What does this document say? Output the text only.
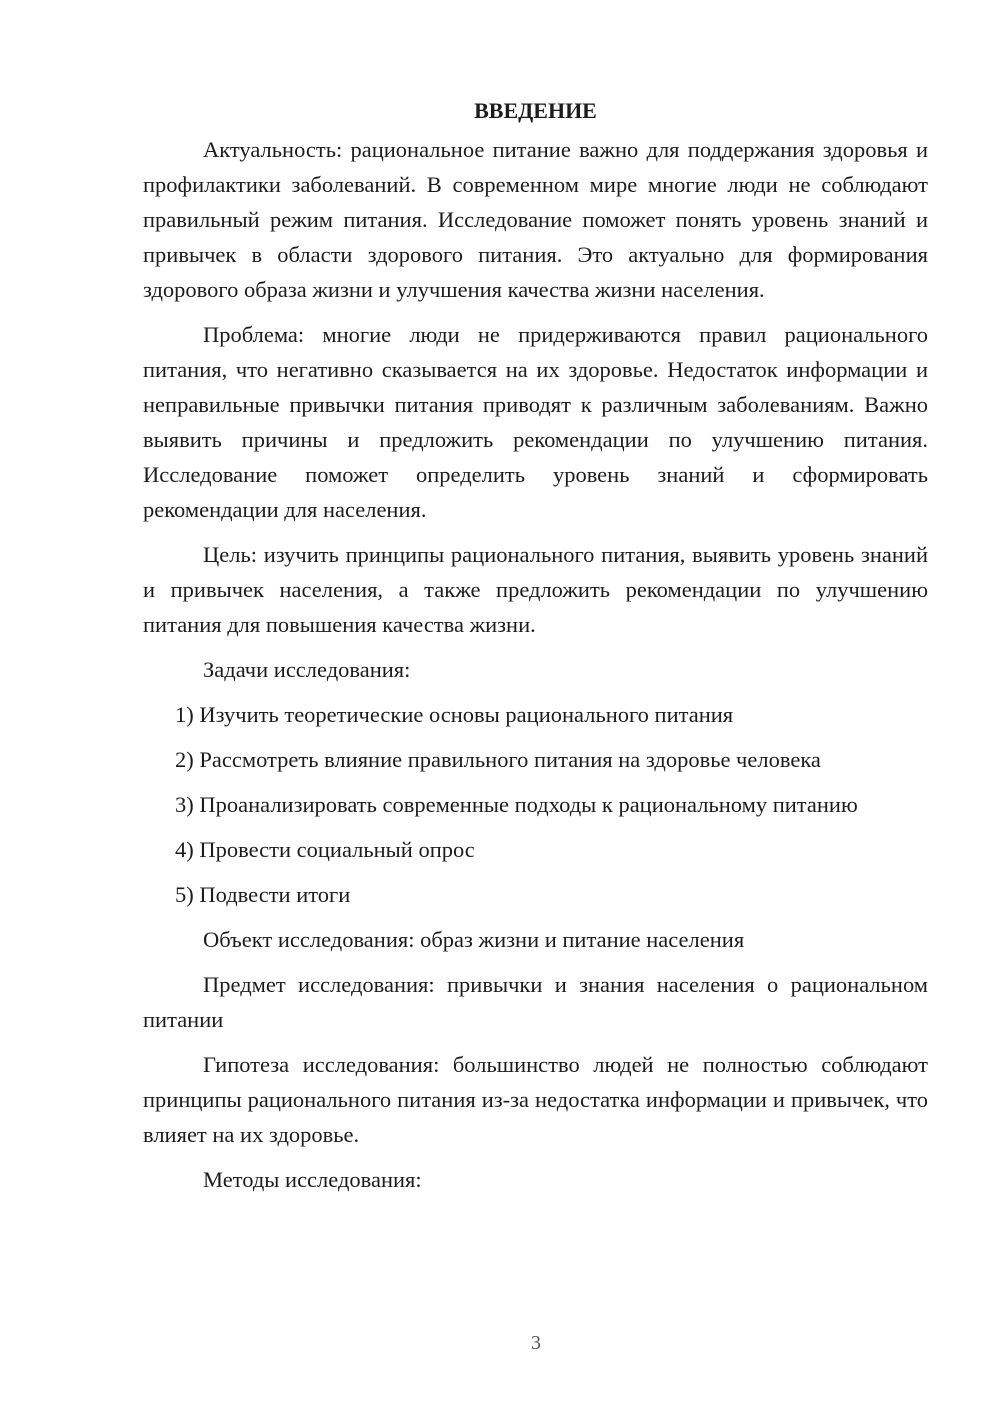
ВВЕДЕНИЕ

Актуальность: рациональное питание важно для поддержания здоровья и профилактики заболеваний. В современном мире многие люди не соблюдают правильный режим питания. Исследование поможет понять уровень знаний и привычек в области здорового питания. Это актуально для формирования здорового образа жизни и улучшения качества жизни населения.

Проблема: многие люди не придерживаются правил рационального питания, что негативно сказывается на их здоровье. Недостаток информации и неправильные привычки питания приводят к различным заболеваниям. Важно выявить причины и предложить рекомендации по улучшению питания. Исследование поможет определить уровень знаний и сформировать рекомендации для населения.

Цель: изучить принципы рационального питания, выявить уровень знаний и привычек населения, а также предложить рекомендации по улучшению питания для повышения качества жизни.

Задачи исследования:

1) Изучить теоретические основы рационального питания

2) Рассмотреть влияние правильного питания на здоровье человека

3) Проанализировать современные подходы к рациональному питанию

4) Провести социальный опрос

5) Подвести итоги

Объект исследования: образ жизни и питание населения

Предмет исследования: привычки и знания населения о рациональном питании

Гипотеза исследования: большинство людей не полностью соблюдают принципы рационального питания из-за недостатка информации и привычек, что влияет на их здоровье.

Методы исследования:

3
